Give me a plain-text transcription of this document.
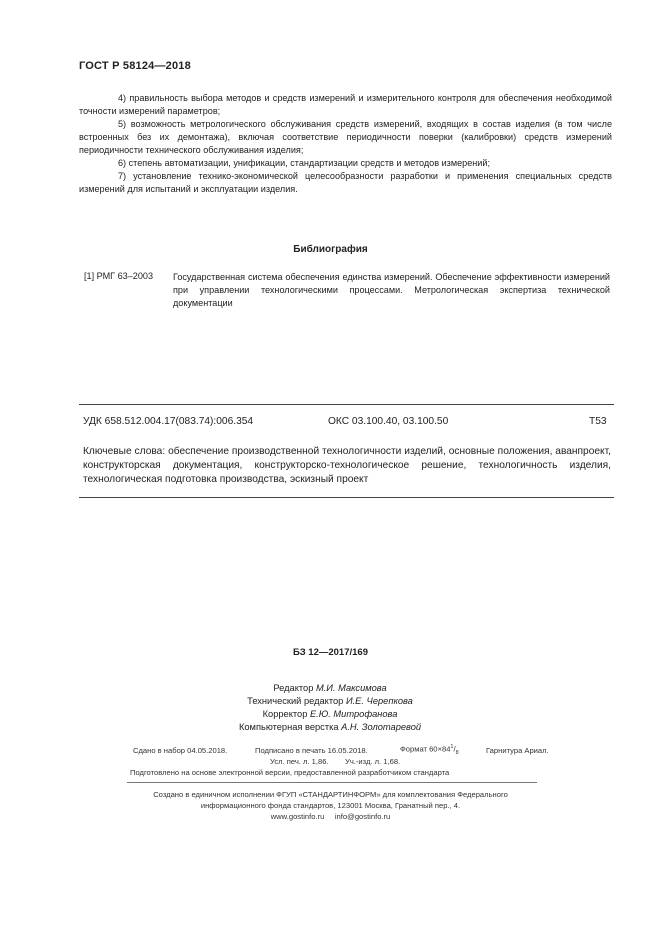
ГОСТ Р 58124—2018
4) правильность выбора методов и средств измерений и измерительного контроля для обеспечения необходимой точности измерений параметров;
5) возможность метрологического обслуживания средств измерений, входящих в состав изделия (в том числе встроенных без их демонтажа), включая соответствие периодичности поверки (калибровки) средств измерений периодичности технического обслуживания изделия;
6) степень автоматизации, унификации, стандартизации средств и методов измерений;
7) установление технико-экономической целесообразности разработки и применения специальных средств измерений для испытаний и эксплуатации изделия.
Библиография
[1] РМГ 63–2003 Государственная система обеспечения единства измерений. Обеспечение эффективности измерений при управлении технологическими процессами. Метрологическая экспертиза технической документации
УДК 658.512.004.17(083.74):006.354	ОКС 03.100.40, 03.100.50	Т53
Ключевые слова: обеспечение производственной технологичности изделий, основные положения, аванпроект, конструкторская документация, конструкторско-технологическое решение, технологичность изделия, технологическая подготовка производства, эскизный проект
БЗ 12—2017/169
Редактор М.И. Максимова
Технический редактор И.Е. Черепкова
Корректор Е.Ю. Митрофанова
Компьютерная верстка А.Н. Золотаревой
Сдано в набор 04.05.2018.	Подписано в печать 16.05.2018.	Формат $60\times 84^1/_8$	Гарнитура Ариал.
Усл. печ. л. 1,86. Уч.-изд. л. 1,68.
Подготовлено на основе электронной версии, предоставленной разработчиком стандарта
Создано в единичном исполнении ФГУП «СТАНДАРТИНФОРМ» для комплектования Федерального
информационного фонда стандартов, 123001 Москва, Гранатный пер., 4.
www.gostinfo.ru info@gostinfo.ru
